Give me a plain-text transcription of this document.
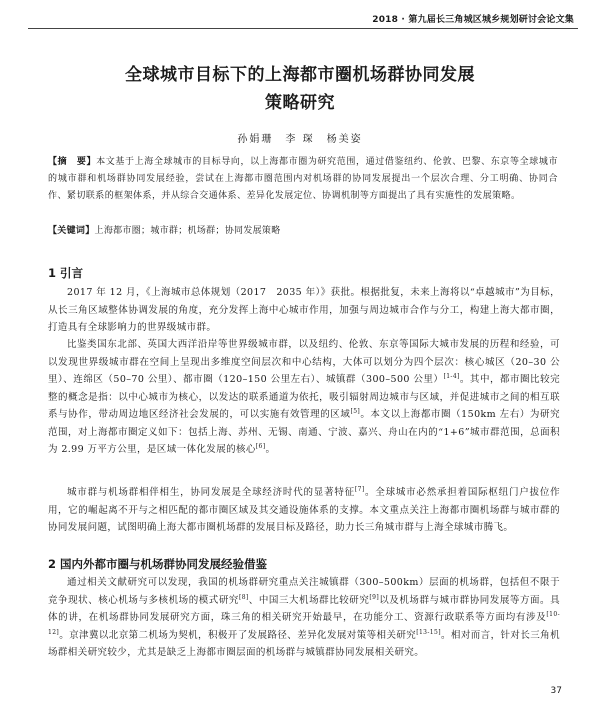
2018 · 第九届长三角城区城乡规划研讨会论文集
全球城市目标下的上海都市圈机场群协同发展
策略研究
孙娟珊　李 琛　杨美姿
【摘　要】本文基于上海全球城市的目标导向，以上海都市圈为研究范围，通过借鉴纽约、伦敦、巴黎、东京等全球城市的城市群和机场群协同发展经验，尝试在上海都市圈范围内对机场群的协同发展提出一个层次合理、分工明确、协同合作、紧切联系的框架体系，并从综合交通体系、差异化发展定位、协调机制等方面提出了具有实施性的发展策略。
【关键词】上海都市圈；城市群；机场群；协同发展策略
1 引言
2017 年 12 月，《上海城市总体规划（2017　2035 年）》获批。根据批复，未来上海将以“卓越城市”为目标，从长三角区域整体协调发展的角度，充分发挥上海中心城市作用，加强与周边城市合作与分工，构建上海大都市圈，打造具有全球影响力的世界级城市群。
比鉴类国东北部、英国大西洋沿岸等世界级城市群，以及纽约、伦敦、东京等国际大城市发展的历程和经验，可以发现世界级城市群在空间上呈现出多维度空间层次和中心结构，大体可以划分为四个层次：核心城区（20–30 公里）、连绵区（50–70 公里）、都市圈（120–150 公里左右）、城镇群（300–500 公里）[1-4]。其中，都市圈比较完整的概念是指：以中心城市为核心，以发达的联系通道为依托，吸引辐射周边城市与区域，并促进城市之间的相互联系与协作，带动周边地区经济社会发展的，可以实施有效管理的区域[5]。本文以上海都市圈（150km 左右）为研究范围，对上海都市圈定义如下：包括上海、苏州、无锡、南通、宁波、嘉兴、舟山在内的“1+6”城市群范围，总面积为 2.99 万平方公里，是区域一体化发展的核心[6]。
城市群与机场群相伴相生，协同发展是全球经济时代的显著特征[7]。全球城市必然承担着国际枢纽门户拔位作用，它的崛起离不开与之相匹配的都市圈区域及其交通设施体系的支撑。本文重点关注上海都市圈机场群与城市群的协同发展问题，试图明确上海大都市圈机场群的发展目标及路径，助力长三角城市群与上海全球城市腾飞。
2 国内外都市圈与机场群协同发展经验借鉴
通过相关文献研究可以发现，我国的机场群研究重点关注城镇群（300–500km）层面的机场群，包括但不限于竞争现状、核心机场与多核机场的模式研究[8]、中国三大机场群比较研究[9]以及机场群与城市群协同发展等方面。具体的讲，在机场群协同发展研究方面，珠三角的相关研究开始最早，在功能分工、资源行政联系等方面均有涉及[10-12]。京津冀以北京第二机场为契机，积极开了发展路径、差异化发展对策等相关研究[13-15]。相对而言，针对长三角机场群相关研究较少，尤其是缺乏上海都市圈层面的机场群与城镇群协同发展相关研究。
37
